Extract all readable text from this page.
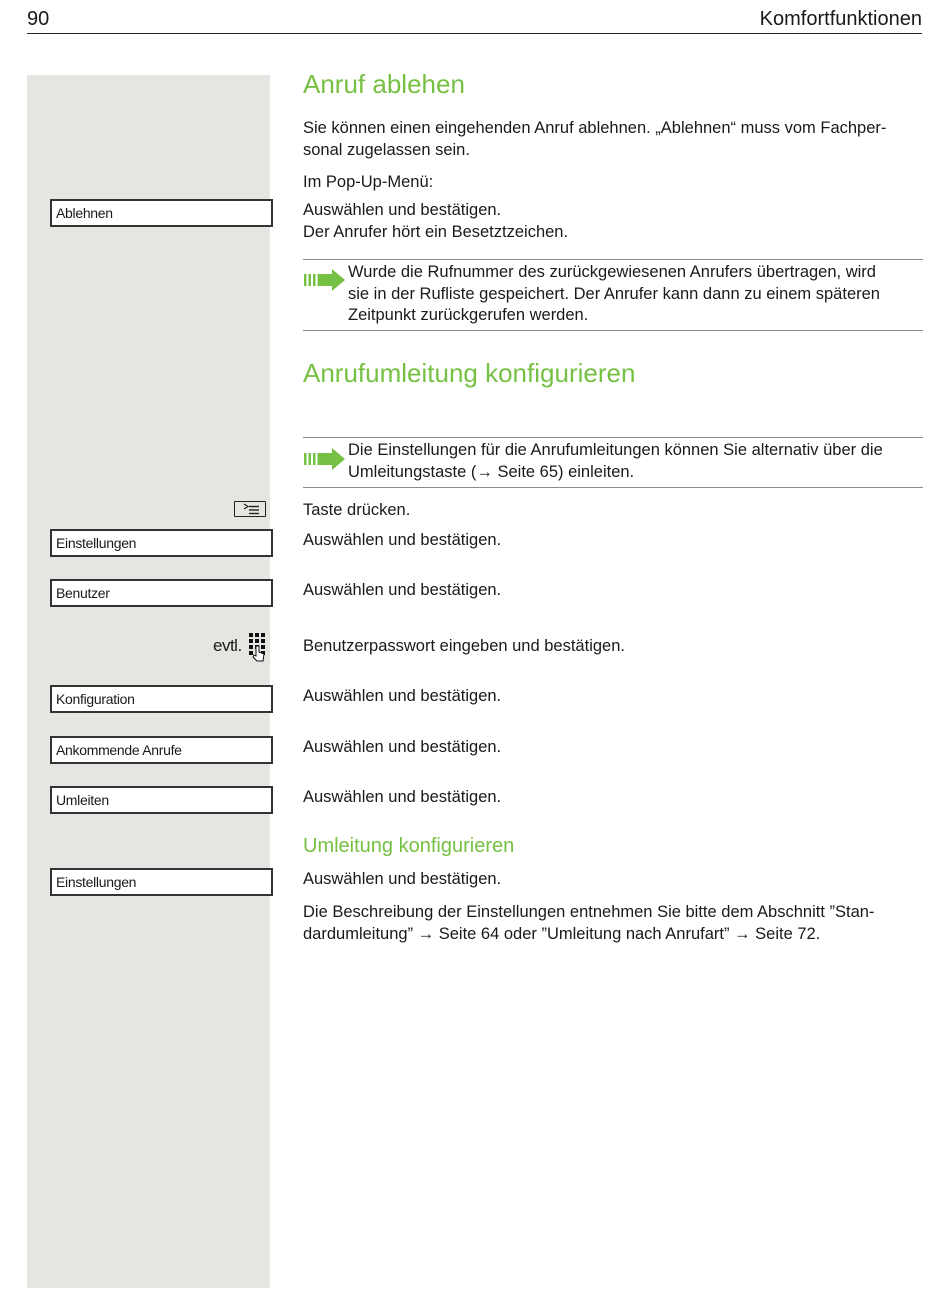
90	Komfortfunktionen
Ablehnen
Einstellungen
Benutzer
evtl.
Konfiguration
Ankommende Anrufe
Umleiten
Einstellungen
Anruf ablehen
Sie können einen eingehenden Anruf ablehnen. „Ablehnen“ muss vom Fachper-
sonal zugelassen sein.
Im Pop-Up-Menü:
Auswählen und bestätigen.
Der Anrufer hört ein Besetztzeichen.
Wurde die Rufnummer des zurückgewiesenen Anrufers übertragen, wird
sie in der Rufliste gespeichert. Der Anrufer kann dann zu einem späteren
Zeitpunkt zurückgerufen werden.
Anrufumleitung konfigurieren
Die Einstellungen für die Anrufumleitungen können Sie alternativ über die
Umleitungstaste (→ Seite 65) einleiten.
Taste drücken.
Auswählen und bestätigen.
Auswählen und bestätigen.
Benutzerpasswort eingeben und bestätigen.
Auswählen und bestätigen.
Auswählen und bestätigen.
Auswählen und bestätigen.
Umleitung konfigurieren
Auswählen und bestätigen.
Die Beschreibung der Einstellungen entnehmen Sie bitte dem Abschnitt ”Stan-
dardumleitung” → Seite 64 oder ”Umleitung nach Anrufart” → Seite 72.
